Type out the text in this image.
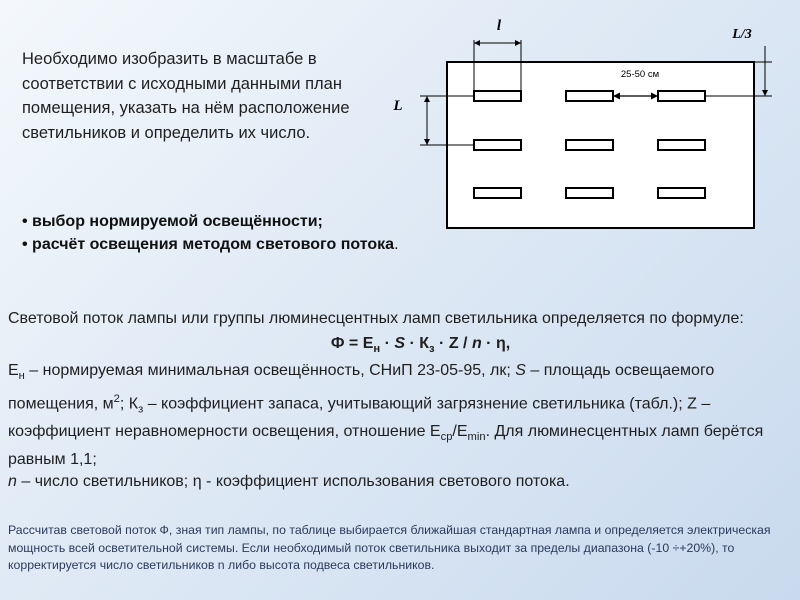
Необходимо изобразить в масштабе в соответствии с исходными данными план помещения, указать на нём расположение светильников и определить их число.
25-50 см
l
L/3
L
• выбор нормируемой освещённости;
• расчёт освещения методом светового потока.

Световой поток лампы или группы люминесцентных ламп светильника определяется по формуле:

$Ф = Е_н \cdot S \cdot К_з \cdot Z / n \cdot \eta$,

$Е_н$ – нормируемая минимальная освещённость, СНиП 23-05-95, лк; S – площадь освещаемого помещения, $м^2$; $К_з$ – коэффициент запаса, учитывающий загрязнение светильника (табл.); Z – коэффициент неравномерности освещения, отношение $Е_{ср}/Е_{min}$. Для люминесцентных ламп берётся равным 1,1;
n – число светильников; η - коэффициент использования светового потока.

Рассчитав световой поток Ф, зная тип лампы, по таблице выбирается ближайшая стандартная лампа и определяется электрическая мощность всей осветительной системы. Если необходимый поток светильника выходит за пределы диапазона (-10 ÷+20%), то корректируется число светильников n либо высота подвеса светильников.
